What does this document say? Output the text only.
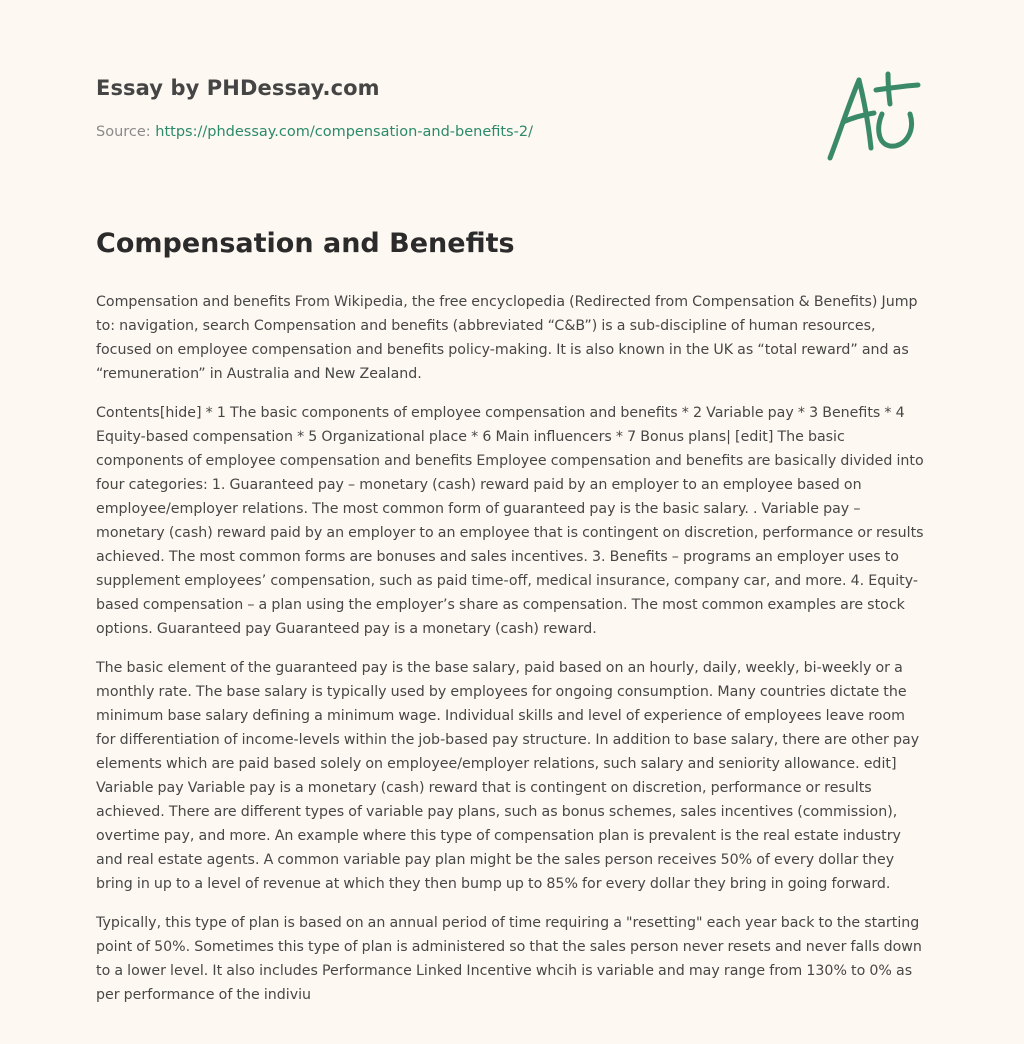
Essay by PHDessay.com
Source: https://phdessay.com/compensation-and-benefits-2/
Compensation and Benefits

Compensation and benefits From Wikipedia, the free encyclopedia (Redirected from Compensation & Benefits) Jump to: navigation, search Compensation and benefits (abbreviated “C&B”) is a sub-discipline of human resources, focused on employee compensation and benefits policy-making. It is also known in the UK as “total reward” and as “remuneration” in Australia and New Zealand.

Contents[hide] * 1 The basic components of employee compensation and benefits * 2 Variable pay * 3 Benefits * 4 Equity-based compensation * 5 Organizational place * 6 Main influencers * 7 Bonus plans| [edit] The basic components of employee compensation and benefits Employee compensation and benefits are basically divided into four categories: 1. Guaranteed pay – monetary (cash) reward paid by an employer to an employee based on employee/employer relations. The most common form of guaranteed pay is the basic salary. . Variable pay – monetary (cash) reward paid by an employer to an employee that is contingent on discretion, performance or results achieved. The most common forms are bonuses and sales incentives. 3. Benefits – programs an employer uses to supplement employees’ compensation, such as paid time-off, medical insurance, company car, and more. 4. Equity-based compensation – a plan using the employer’s share as compensation. The most common examples are stock options. Guaranteed pay Guaranteed pay is a monetary (cash) reward.

The basic element of the guaranteed pay is the base salary, paid based on an hourly, daily, weekly, bi-weekly or a monthly rate. The base salary is typically used by employees for ongoing consumption. Many countries dictate the minimum base salary defining a minimum wage. Individual skills and level of experience of employees leave room for differentiation of income-levels within the job-based pay structure. In addition to base salary, there are other pay elements which are paid based solely on employee/employer relations, such salary and seniority allowance. edit] Variable pay Variable pay is a monetary (cash) reward that is contingent on discretion, performance or results achieved. There are different types of variable pay plans, such as bonus schemes, sales incentives (commission), overtime pay, and more. An example where this type of compensation plan is prevalent is the real estate industry and real estate agents. A common variable pay plan might be the sales person receives 50% of every dollar they bring in up to a level of revenue at which they then bump up to 85% for every dollar they bring in going forward.

Typically, this type of plan is based on an annual period of time requiring a "resetting" each year back to the starting point of 50%. Sometimes this type of plan is administered so that the sales person never resets and never falls down to a lower level. It also includes Performance Linked Incentive whcih is variable and may range from 130% to 0% as per performance of the indiviu
